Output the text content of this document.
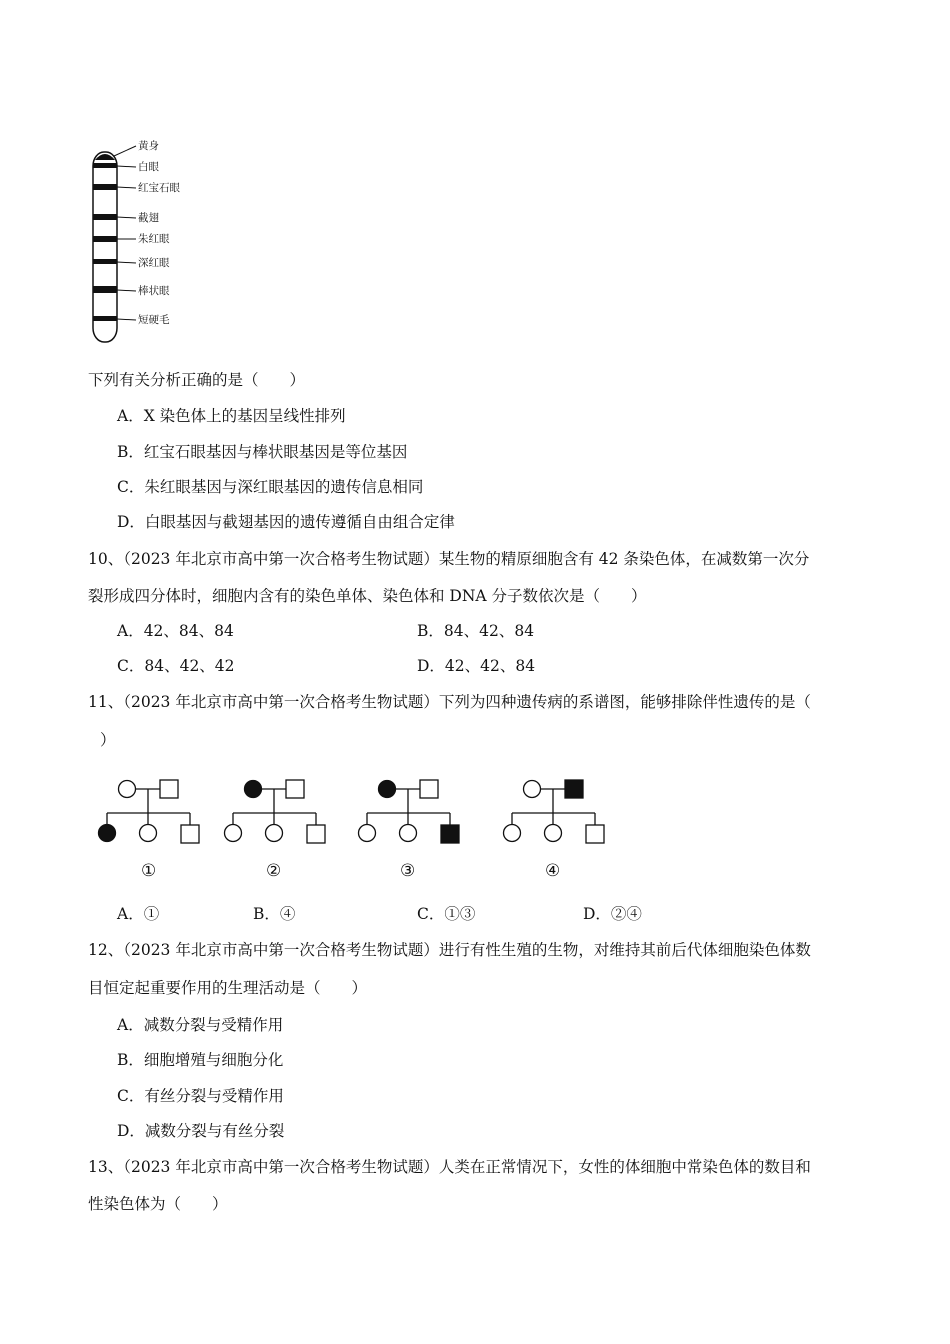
黄身
白眼
红宝石眼
截翅
朱红眼
深红眼
棒状眼
短硬毛
下列有关分析正确的是（　　）
A．X 染色体上的基因呈线性排列
B．红宝石眼基因与棒状眼基因是等位基因
C．朱红眼基因与深红眼基因的遗传信息相同
D．白眼基因与截翅基因的遗传遵循自由组合定律
10、（2023 年北京市高中第一次合格考生物试题）某生物的精原细胞含有 42 条染色体，在减数第一次分
裂形成四分体时，细胞内含有的染色单体、染色体和 DNA 分子数依次是（　　）
A．42、84、84	B．84、42、84
C．84、42、42	D．42、42、84
11、（2023 年北京市高中第一次合格考生物试题）下列为四种遗传病的系谱图，能够排除伴性遗传的是（
）
①	②	③	④
A．①	B．④	C．①③	D．②④
12、（2023 年北京市高中第一次合格考生物试题）进行有性生殖的生物，对维持其前后代体细胞染色体数
目恒定起重要作用的生理活动是（　　）
A．减数分裂与受精作用
B．细胞增殖与细胞分化
C．有丝分裂与受精作用
D．减数分裂与有丝分裂
13、（2023 年北京市高中第一次合格考生物试题）人类在正常情况下，女性的体细胞中常染色体的数目和
性染色体为（　　）
